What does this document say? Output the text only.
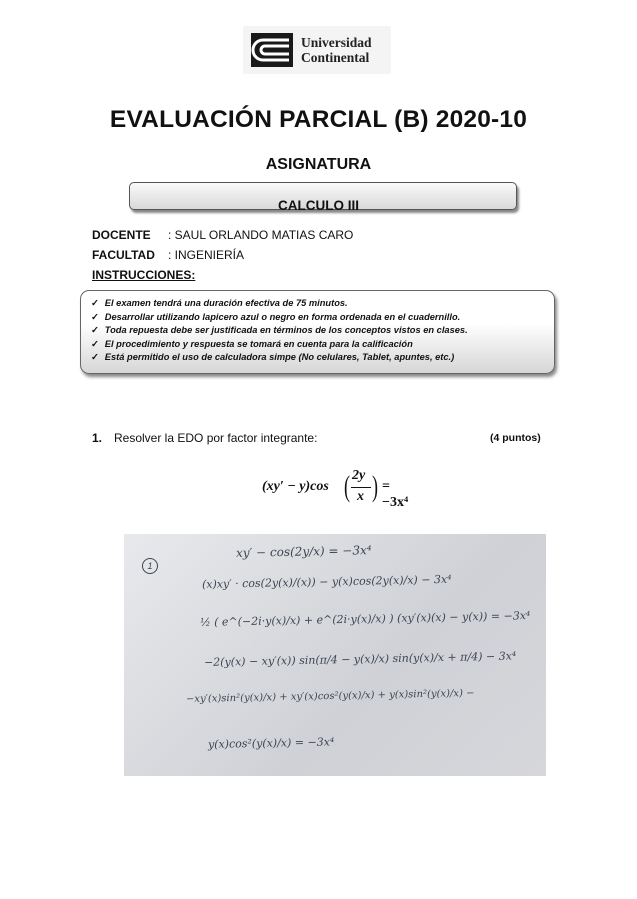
Universidad
Continental
EVALUACIÓN PARCIAL (B) 2020-10
ASIGNATURA
CALCULO III
DOCENTE : SAUL ORLANDO MATIAS CARO
FACULTAD : INGENIERÍA
INSTRUCCIONES:
✓ El examen tendrá una duración efectiva de 75 minutos.
✓ Desarrollar utilizando lapicero azul o negro en forma ordenada en el cuadernillo.
✓ Toda repuesta debe ser justificada en términos de los conceptos vistos en clases.
✓ El procedimiento y respuesta se tomará en cuenta para la calificación
✓ Está permitido el uso de calculadora simpe (No celulares, Tablet, apuntes, etc.)
1. Resolver la EDO por factor integrante:	(4 puntos)
(xy′ − y)cos ( 2y
x ) = −3x⁴
1
xy′ − cos(2y/x) = −3x⁴
(x)xy′ · cos(2y(x)/(x)) − y(x)cos(2y(x)/x) − 3x⁴
½ ( e^(−2i·y(x)/x) + e^(2i·y(x)/x) ) (xy′(x)(x) − y(x)) = −3x⁴
−2(y(x) − xy′(x)) sin(π/4 − y(x)/x) sin(y(x)/x + π/4) − 3x⁴
−xy′(x)sin²(y(x)/x) + xy′(x)cos²(y(x)/x) + y(x)sin²(y(x)/x) −
y(x)cos²(y(x)/x) = −3x⁴
